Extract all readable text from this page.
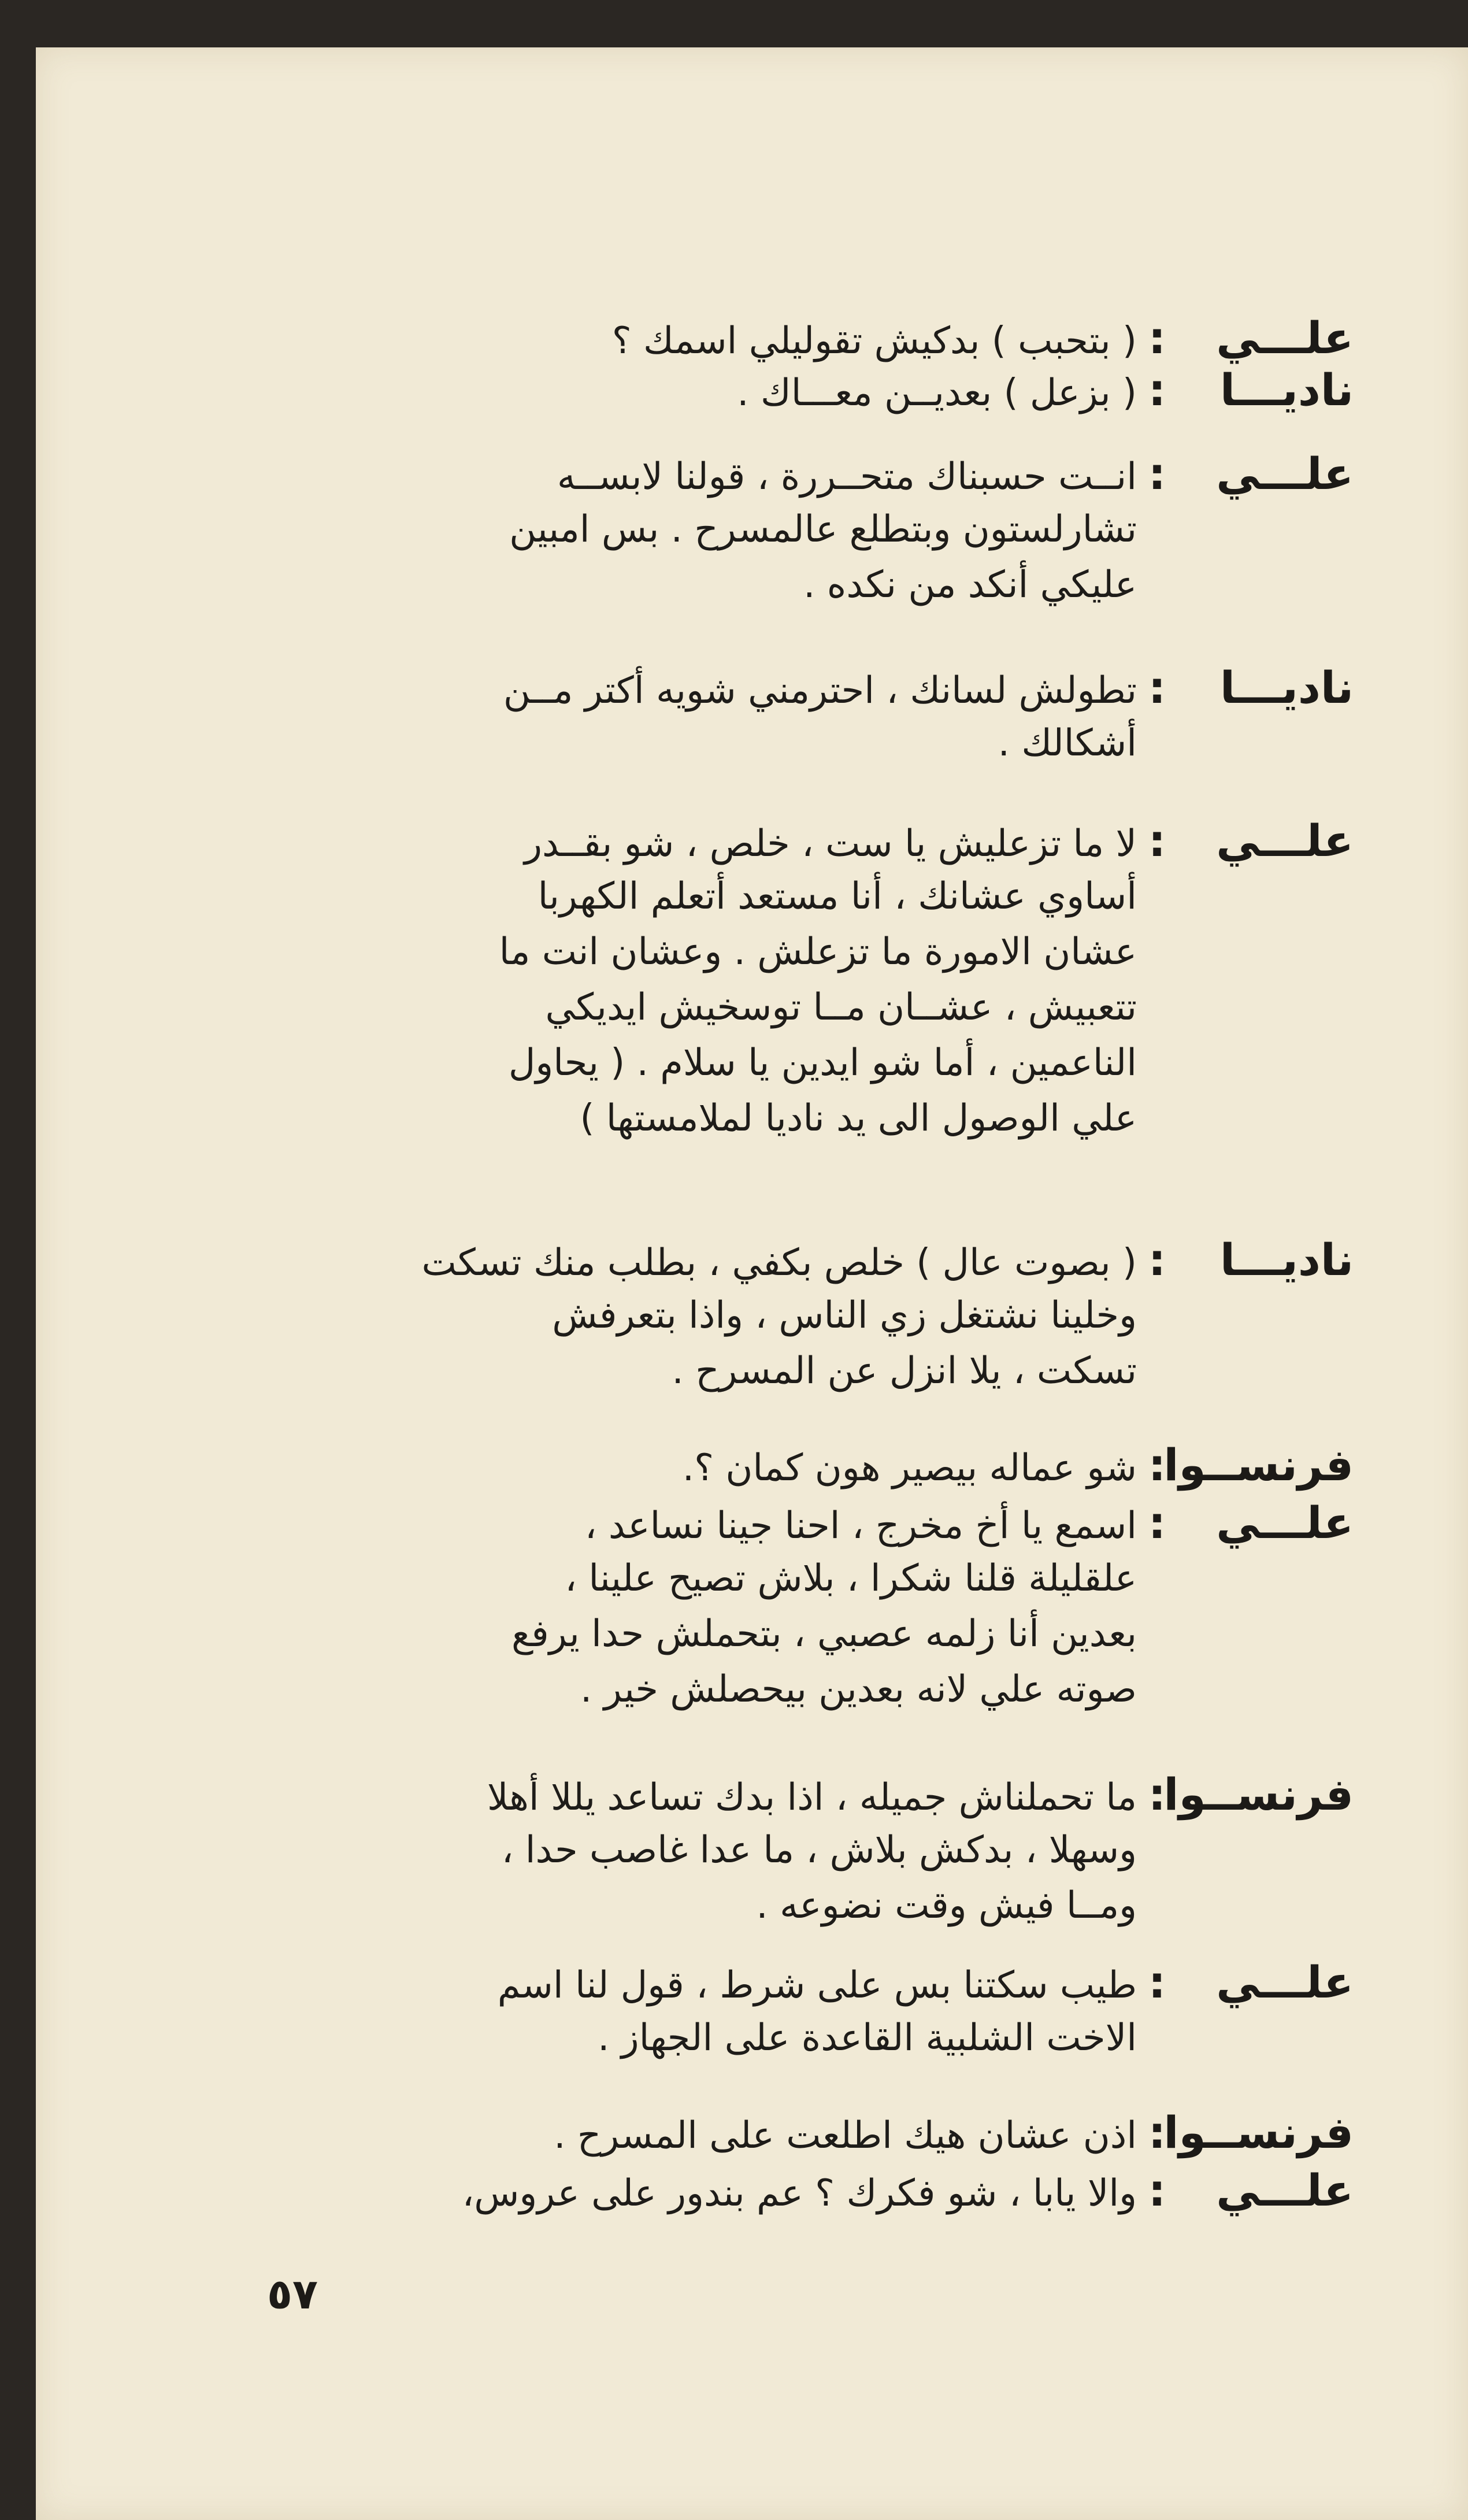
علـــي
:
( بتحبب ) بدكيش تقوليلي اسمك ؟
ناديـــا
:
( بزعل ) بعديــن معـــاك .
علـــي
:
انــت حسبناك متحــررة ، قولنا لابســه
تشارلستون وبتطلع عالمسرح . بس امبين
عليكي أنكد من نكده .
ناديـــا
:
تطولش لسانك ، احترمني شويه أكتر مــن
أشكالك .
علـــي
:
لا ما تزعليش يا ست ، خلص ، شو بقــدر
أساوي عشانك ، أنا مستعد أتعلم الكهربا
عشان الامورة ما تزعلش . وعشان انت ما
تتعبيش ، عشــان مــا توسخيش ايديكي
الناعمين ، أما شو ايدين يا سلام . ( يحاول
علي الوصول الى يد ناديا لملامستها )
ناديـــا
:
( بصوت عال ) خلص بكفي ، بطلب منك تسكت
وخلينا نشتغل زي الناس ، واذا بتعرفش
تسكت ، يلا انزل عن المسرح .
فرنســوا
:
شو عماله بيصير هون كمان ؟.
علـــي
:
اسمع يا أخ مخرج ، احنا جينا نساعد ،
علقليلة قلنا شكرا ، بلاش تصيح علينا ،
بعدين أنا زلمه عصبي ، بتحملش حدا يرفع
صوته علي لانه بعدين بيحصلش خير .
فرنســوا
:
ما تحملناش جميله ، اذا بدك تساعد يللا أهلا
وسهلا ، بدكش بلاش ، ما عدا غاصب حدا ،
ومــا فيش وقت نضوعه .
علـــي
:
طيب سكتنا بس على شرط ، قول لنا اسم
الاخت الشلبية القاعدة على الجهاز .
فرنســوا
:
اذن عشان هيك اطلعت على المسرح .
علـــي
:
والا يابا ، شو فكرك ؟ عم بندور على عروس،
٥٧
